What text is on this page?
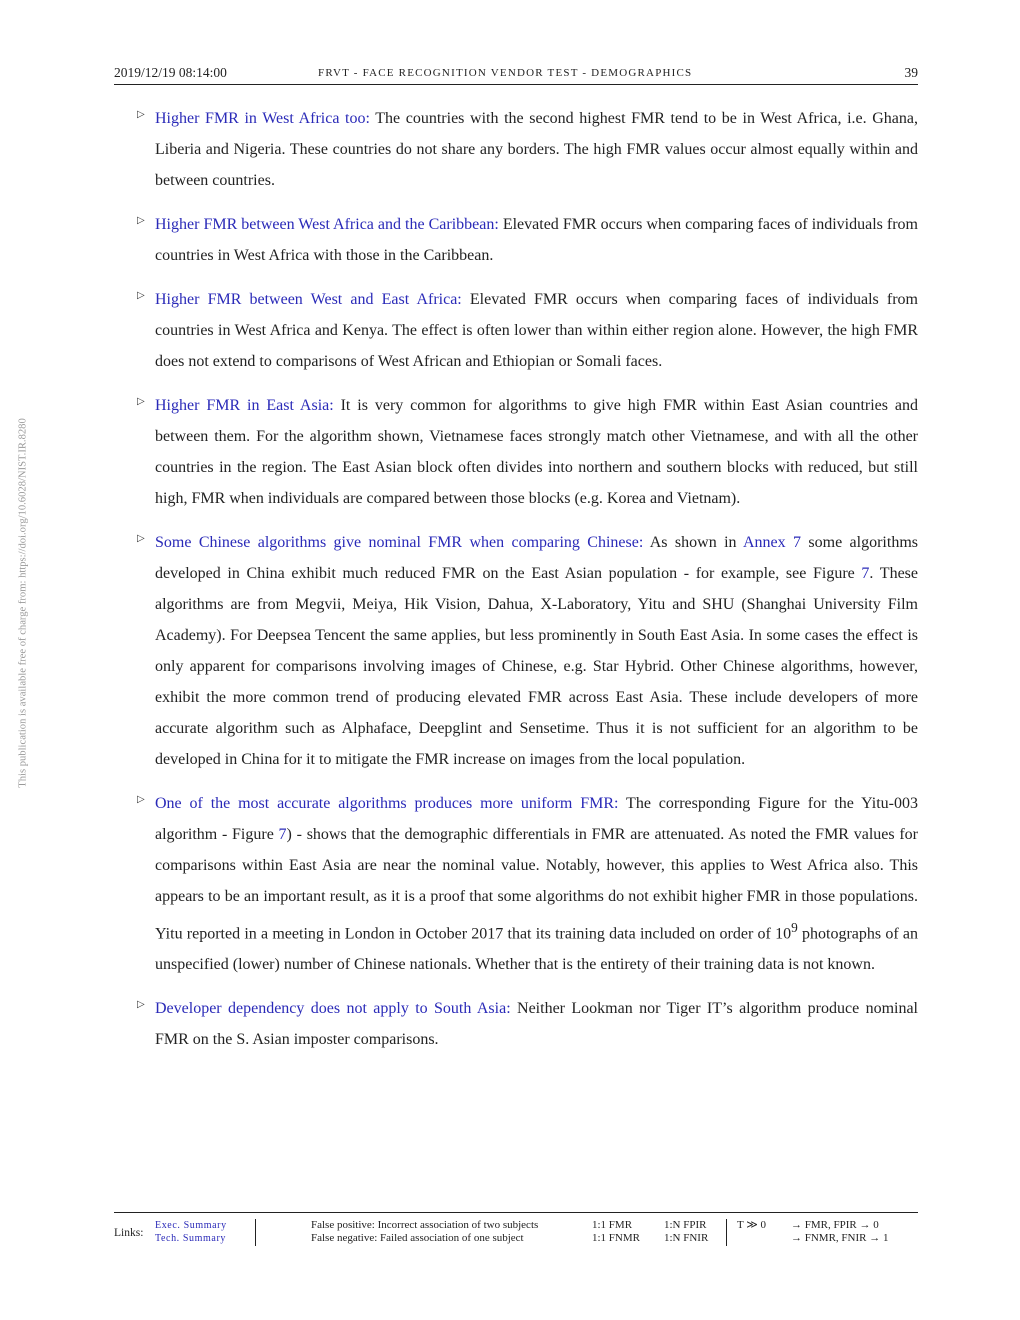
2019/12/19 08:14:00	FRVT - FACE RECOGNITION VENDOR TEST - DEMOGRAPHICS	39
This publication is available free of charge from: https://doi.org/10.6028/NIST.IR.8280
▷ Higher FMR in West Africa too: The countries with the second highest FMR tend to be in West Africa, i.e. Ghana, Liberia and Nigeria. These countries do not share any borders. The high FMR values occur almost equally within and between countries.

▷ Higher FMR between West Africa and the Caribbean: Elevated FMR occurs when comparing faces of individuals from countries in West Africa with those in the Caribbean.

▷ Higher FMR between West and East Africa: Elevated FMR occurs when comparing faces of individuals from countries in West Africa and Kenya. The effect is often lower than within either region alone. However, the high FMR does not extend to comparisons of West African and Ethiopian or Somali faces.

▷ Higher FMR in East Asia: It is very common for algorithms to give high FMR within East Asian countries and between them. For the algorithm shown, Vietnamese faces strongly match other Vietnamese, and with all the other countries in the region. The East Asian block often divides into northern and southern blocks with reduced, but still high, FMR when individuals are compared between those blocks (e.g. Korea and Vietnam).

▷ Some Chinese algorithms give nominal FMR when comparing Chinese: As shown in Annex 7 some algorithms developed in China exhibit much reduced FMR on the East Asian population - for example, see Figure 7. These algorithms are from Megvii, Meiya, Hik Vision, Dahua, X-Laboratory, Yitu and SHU (Shanghai University Film Academy). For Deepsea Tencent the same applies, but less prominently in South East Asia. In some cases the effect is only apparent for comparisons involving images of Chinese, e.g. Star Hybrid. Other Chinese algorithms, however, exhibit the more common trend of producing elevated FMR across East Asia. These include developers of more accurate algorithm such as Alphaface, Deepglint and Sensetime. Thus it is not sufficient for an algorithm to be developed in China for it to mitigate the FMR increase on images from the local population.

▷ One of the most accurate algorithms produces more uniform FMR: The corresponding Figure for the Yitu-003 algorithm - Figure 7) - shows that the demographic differentials in FMR are attenuated. As noted the FMR values for comparisons within East Asia are near the nominal value. Notably, however, this applies to West Africa also. This appears to be an important result, as it is a proof that some algorithms do not exhibit higher FMR in those populations. Yitu reported in a meeting in London in October 2017 that its training data included on order of $10^9$ photographs of an unspecified (lower) number of Chinese nationals. Whether that is the entirety of their training data is not known.

▷ Developer dependency does not apply to South Asia: Neither Lookman nor Tiger IT’s algorithm produce nominal FMR on the S. Asian imposter comparisons.

Links:
Exec. Summary
Tech. Summary
False positive: Incorrect association of two subjects
False negative: Failed association of one subject
1:1 FMR
1:1 FNMR
1:N FPIR
1:N FNIR
T ≫ 0 → FMR, FPIR → 0
→ FNMR, FNIR → 1
